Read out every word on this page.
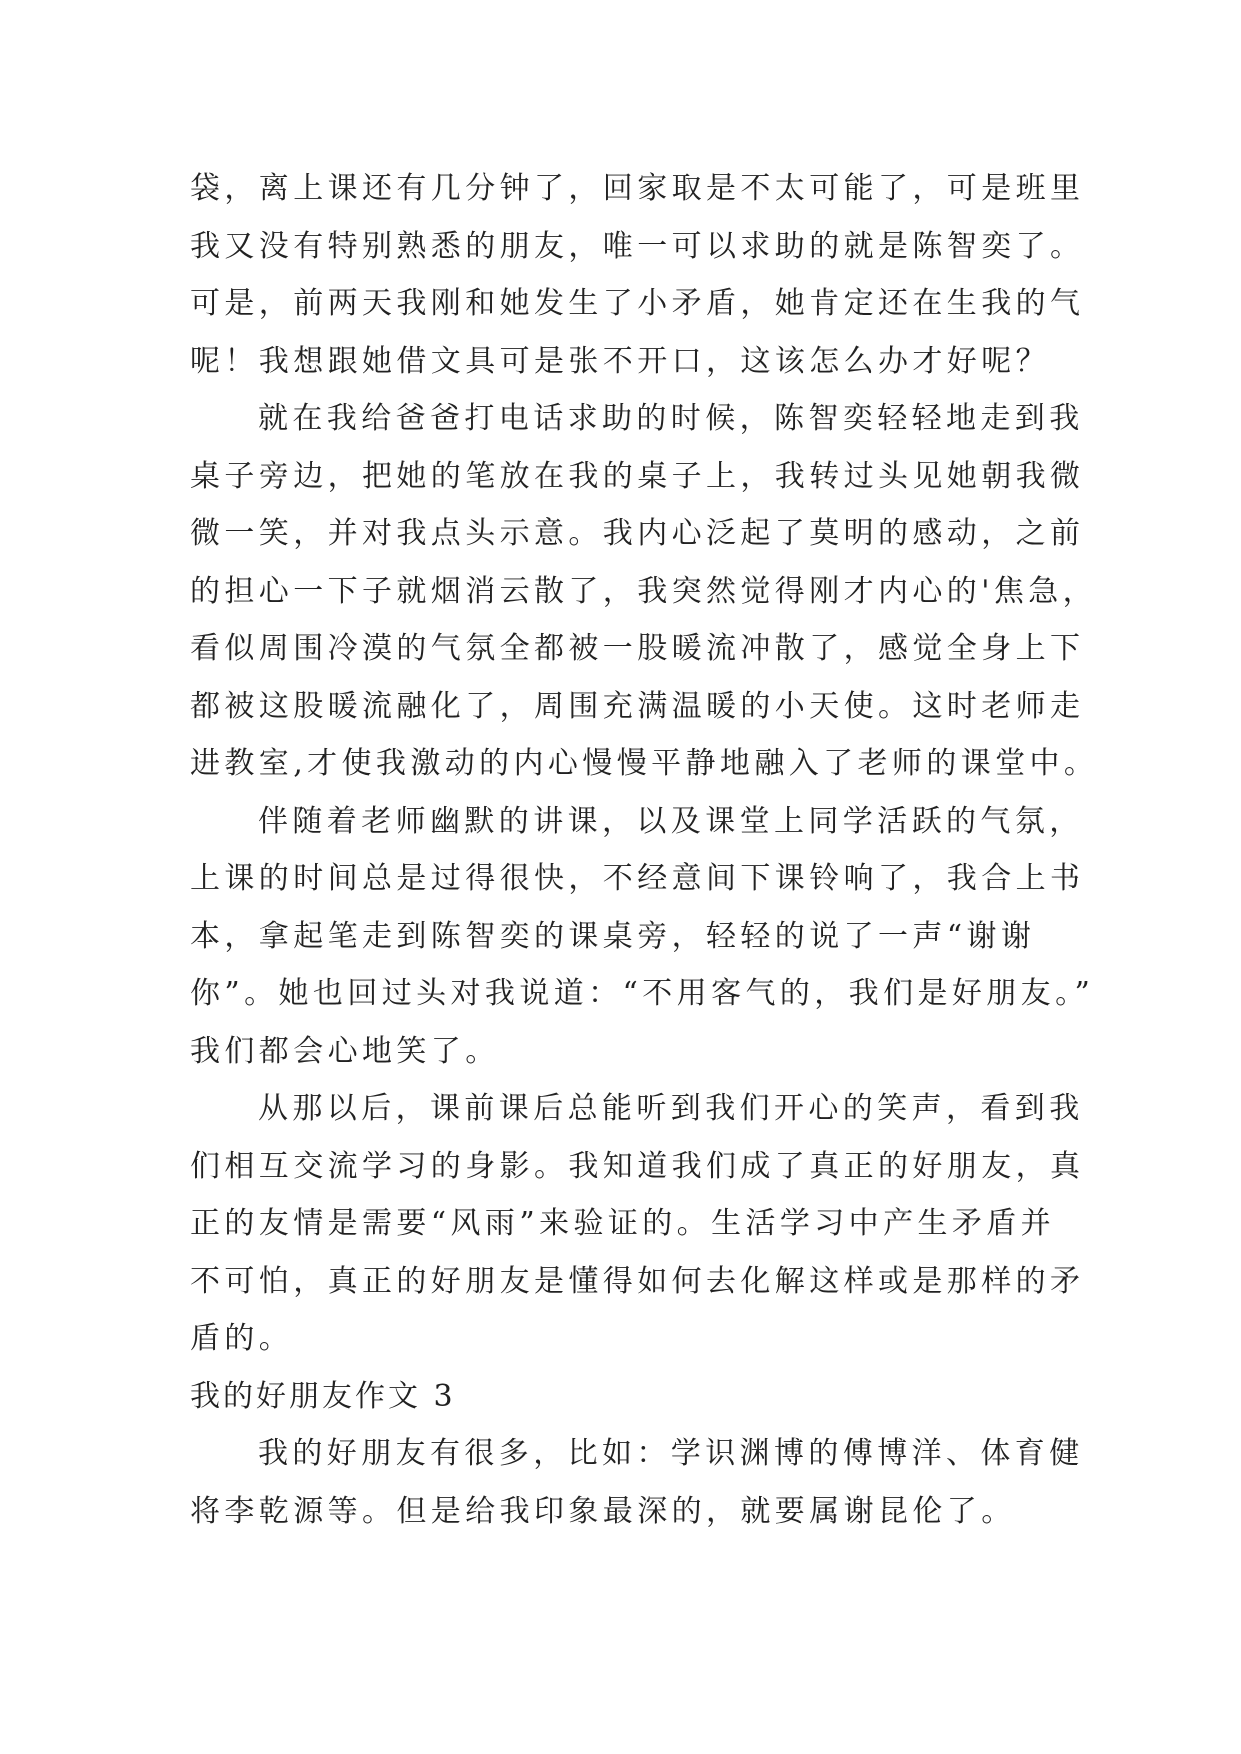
袋，离上课还有几分钟了，回家取是不太可能了，可是班里
我又没有特别熟悉的朋友，唯一可以求助的就是陈智奕了。
可是，前两天我刚和她发生了小矛盾，她肯定还在生我的气
呢！我想跟她借文具可是张不开口，这该怎么办才好呢？
就在我给爸爸打电话求助的时候，陈智奕轻轻地走到我
桌子旁边，把她的笔放在我的桌子上，我转过头见她朝我微
微一笑，并对我点头示意。我内心泛起了莫明的感动，之前
的担心一下子就烟消云散了，我突然觉得刚才内心的'焦急，
看似周围冷漠的气氛全都被一股暖流冲散了，感觉全身上下
都被这股暖流融化了，周围充满温暖的小天使。这时老师走
进教室,才使我激动的内心慢慢平静地融入了老师的课堂中。
伴随着老师幽默的讲课，以及课堂上同学活跃的气氛，
上课的时间总是过得很快，不经意间下课铃响了，我合上书
本，拿起笔走到陈智奕的课桌旁，轻轻的说了一声“谢谢
你”。她也回过头对我说道：“不用客气的，我们是好朋友。”
我们都会心地笑了。
从那以后，课前课后总能听到我们开心的笑声，看到我
们相互交流学习的身影。我知道我们成了真正的好朋友，真
正的友情是需要“风雨”来验证的。生活学习中产生矛盾并
不可怕，真正的好朋友是懂得如何去化解这样或是那样的矛
盾的。
我的好朋友作文 3
我的好朋友有很多，比如：学识渊博的傅博洋、体育健
将李乾源等。但是给我印象最深的，就要属谢昆伦了。
